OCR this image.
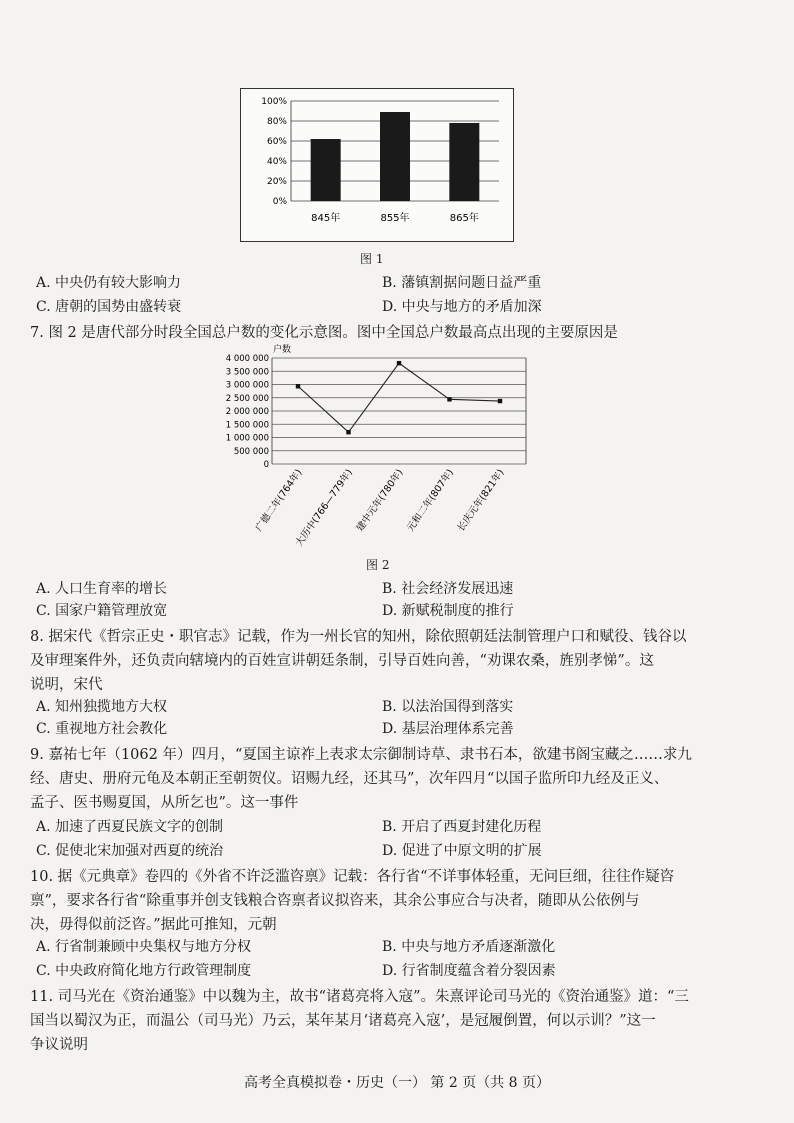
100%
80%
60%
40%
20%
0%
845年	855年	865年
图 1
A. 中央仍有较大影响力	B. 藩镇割据问题日益严重
C. 唐朝的国势由盛转衰	D. 中央与地方的矛盾加深
7. 图 2 是唐代部分时段全国总户数的变化示意图。图中全国总户数最高点出现的主要原因是
户数
4 000 000
3 500 000
3 000 000
2 500 000
2 000 000
1 500 000
1 000 000
500 000
0
广德二年(764年)
大历中(766—779年) 建中元年(780年) 元和二年(807年) 长庆元年(821年)
图 2
A. 人口生育率的增长	B. 社会经济发展迅速
C. 国家户籍管理放宽	D. 新赋税制度的推行
8. 据宋代《哲宗正史・职官志》记载，作为一州长官的知州，除依照朝廷法制管理户口和赋役、钱谷以
及审理案件外，还负责向辖境内的百姓宣讲朝廷条制，引导百姓向善，“劝课农桑，旌别孝悌”。这
说明，宋代
A. 知州独揽地方大权	B. 以法治国得到落实
C. 重视地方社会教化	D. 基层治理体系完善
9. 嘉祐七年（1062 年）四月，“夏国主谅祚上表求太宗御制诗草、隶书石本，欲建书阁宝藏之……求九
经、唐史、册府元龟及本朝正至朝贺仪。诏赐九经，还其马”，次年四月“以国子监所印九经及正义、
孟子、医书赐夏国，从所乞也”。这一事件
A. 加速了西夏民族文字的创制	B. 开启了西夏封建化历程
C. 促使北宋加强对西夏的统治	D. 促进了中原文明的扩展
10. 据《元典章》卷四的《外省不许泛滥咨禀》记载：各行省“不详事体轻重，无问巨细，往往作疑咨
禀”，要求各行省“除重事并创支钱粮合咨禀者议拟咨来，其余公事应合与决者，随即从公依例与
决，毋得似前泛咨。”据此可推知，元朝
A. 行省制兼顾中央集权与地方分权	B. 中央与地方矛盾逐渐激化
C. 中央政府简化地方行政管理制度	D. 行省制度蕴含着分裂因素
11. 司马光在《资治通鉴》中以魏为主，故书“诸葛亮将入寇”。朱熹评论司马光的《资治通鉴》道：“三
国当以蜀汉为正，而温公（司马光）乃云，某年某月‘诸葛亮入寇’，是冠履倒置，何以示训？”这一
争议说明
高考全真模拟卷・历史（一） 第 2 页（共 8 页）
